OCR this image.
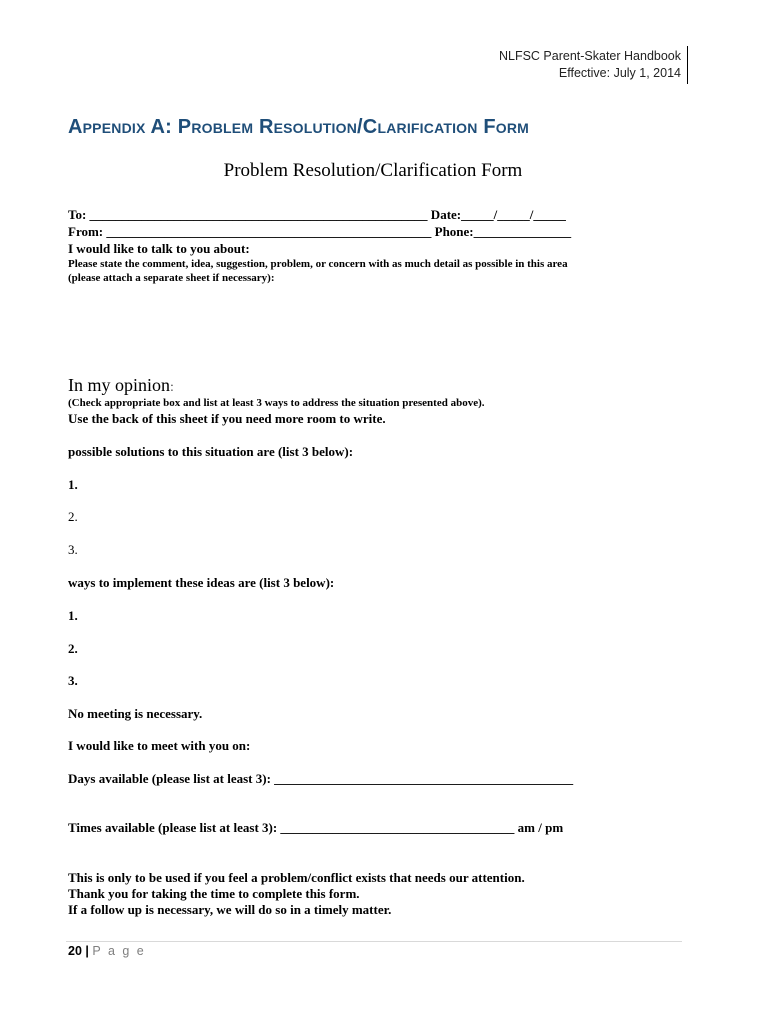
NLFSC Parent-Skater Handbook
Effective: July 1, 2014
Appendix A: Problem Resolution/Clarification Form
Problem Resolution/Clarification Form
To: ____________________________________________________ Date:_____/_____/_____
From: __________________________________________________ Phone:_______________
I would like to talk to you about:
Please state the comment, idea, suggestion, problem, or concern with as much detail as possible in this area
(please attach a separate sheet if necessary):
In my opinion:
(Check appropriate box and list at least 3 ways to address the situation presented above).
Use the back of this sheet if you need more room to write.
possible solutions to this situation are (list 3 below):
1.
2.
3.
ways to implement these ideas are (list 3 below):
1.
2.
3.
No meeting is necessary.
I would like to meet with you on:
Days available (please list at least 3): ______________________________________________
Times available (please list at least 3): ____________________________________ am / pm
This is only to be used if you feel a problem/conflict exists that needs our attention.
Thank you for taking the time to complete this form.
If a follow up is necessary, we will do so in a timely matter.
20 | P a g e
